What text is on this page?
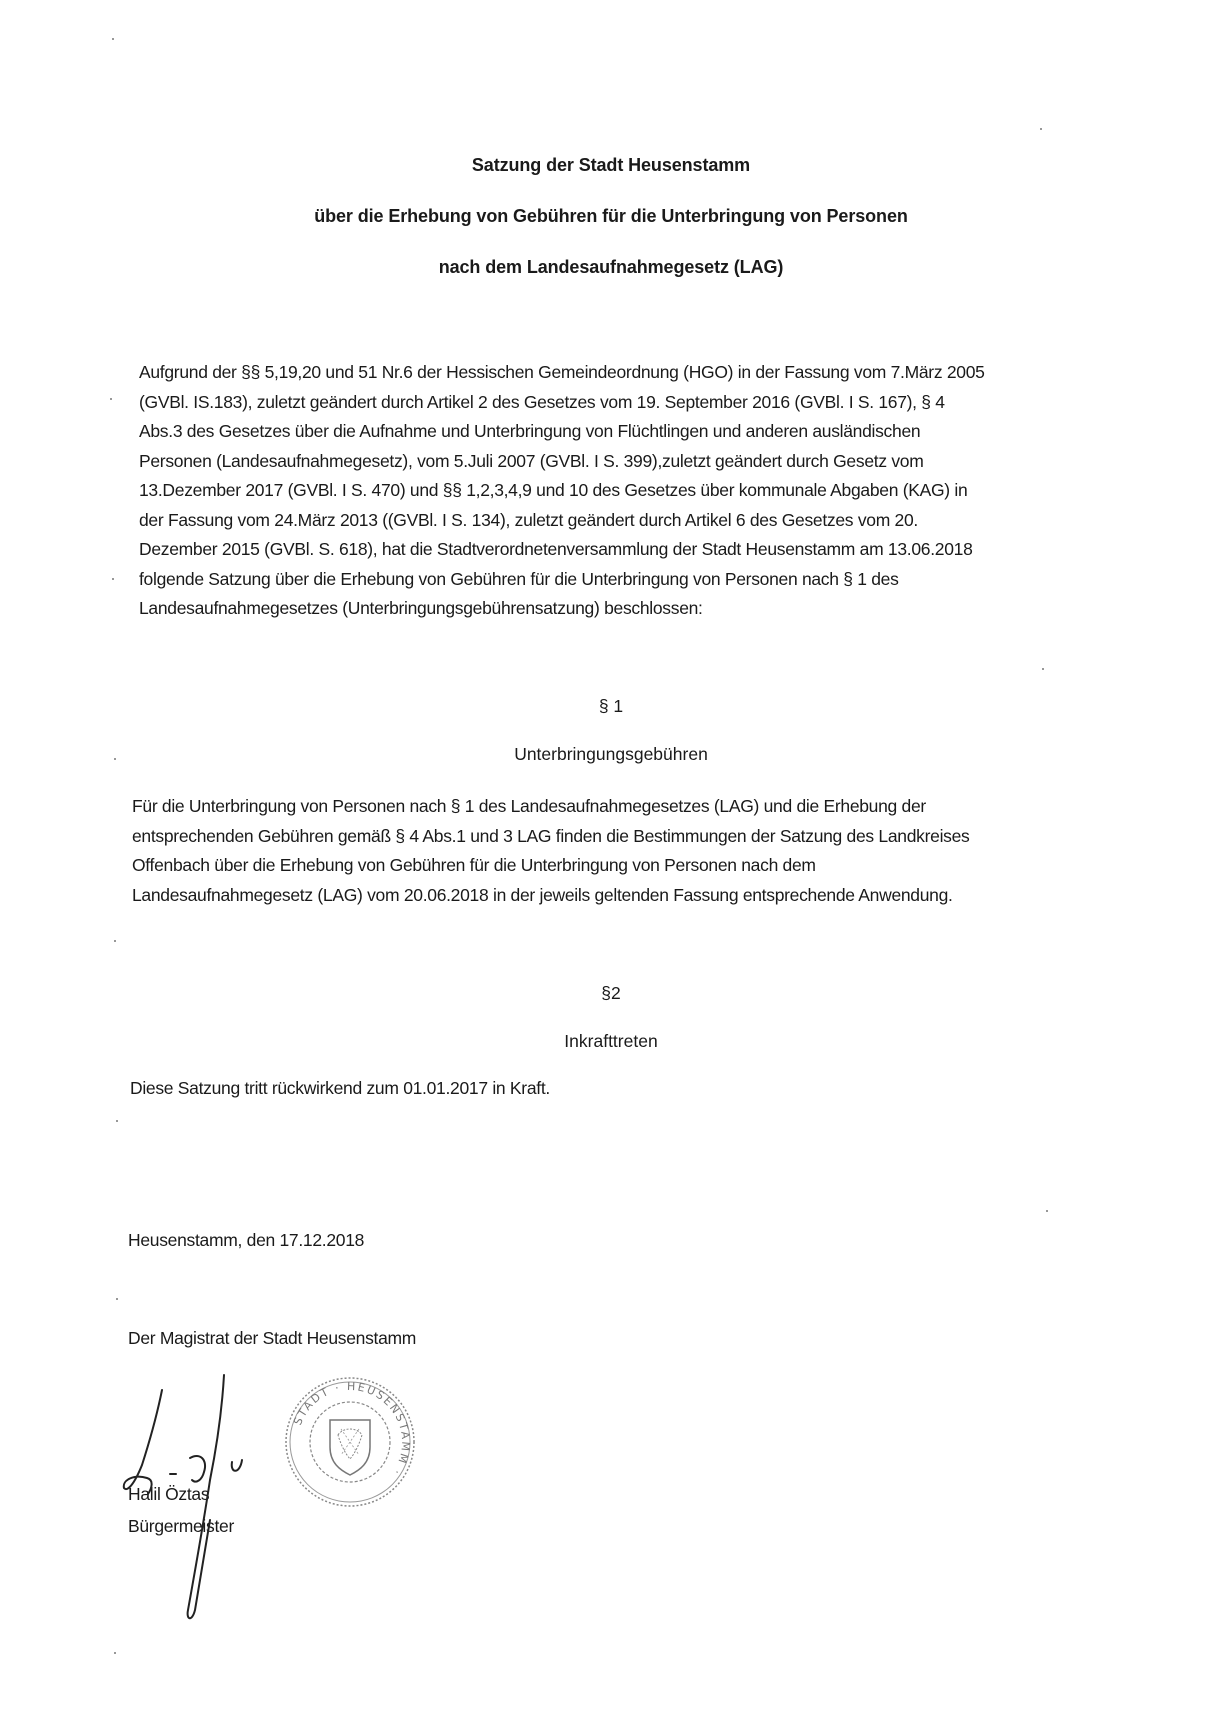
Satzung der Stadt Heusenstamm
über die Erhebung von Gebühren für die Unterbringung von Personen
nach dem Landesaufnahmegesetz (LAG)
Aufgrund der §§ 5,19,20 und 51 Nr.6 der Hessischen Gemeindeordnung (HGO) in der Fassung vom 7.März 2005
(GVBl. IS.183), zuletzt geändert durch Artikel 2 des Gesetzes vom 19. September 2016 (GVBl. I S. 167), § 4
Abs.3 des Gesetzes über die Aufnahme und Unterbringung von Flüchtlingen und anderen ausländischen
Personen (Landesaufnahmegesetz), vom 5.Juli 2007 (GVBl. I S. 399),zuletzt geändert durch Gesetz vom
13.Dezember 2017 (GVBl. I S. 470) und §§ 1,2,3,4,9 und 10 des Gesetzes über kommunale Abgaben (KAG) in
der Fassung vom 24.März 2013 ((GVBl. I S. 134), zuletzt geändert durch Artikel 6 des Gesetzes vom 20.
Dezember 2015 (GVBl. S. 618), hat die Stadtverordnetenversammlung der Stadt Heusenstamm am 13.06.2018
folgende Satzung über die Erhebung von Gebühren für die Unterbringung von Personen nach § 1 des
Landesaufnahmegesetzes (Unterbringungsgebührensatzung) beschlossen:
§ 1
Unterbringungsgebühren
Für die Unterbringung von Personen nach § 1 des Landesaufnahmegesetzes (LAG) und die Erhebung der
entsprechenden Gebühren gemäß § 4 Abs.1 und 3 LAG finden die Bestimmungen der Satzung des Landkreises
Offenbach über die Erhebung von Gebühren für die Unterbringung von Personen nach dem
Landesaufnahmegesetz (LAG) vom 20.06.2018 in der jeweils geltenden Fassung entsprechende Anwendung.
§2
Inkrafttreten
Diese Satzung tritt rückwirkend zum 01.01.2017 in Kraft.
Heusenstamm, den 17.12.2018
Der Magistrat der Stadt Heusenstamm
Halil Öztas
Bürgermeister
STADT · HEUSENSTAMM ·
